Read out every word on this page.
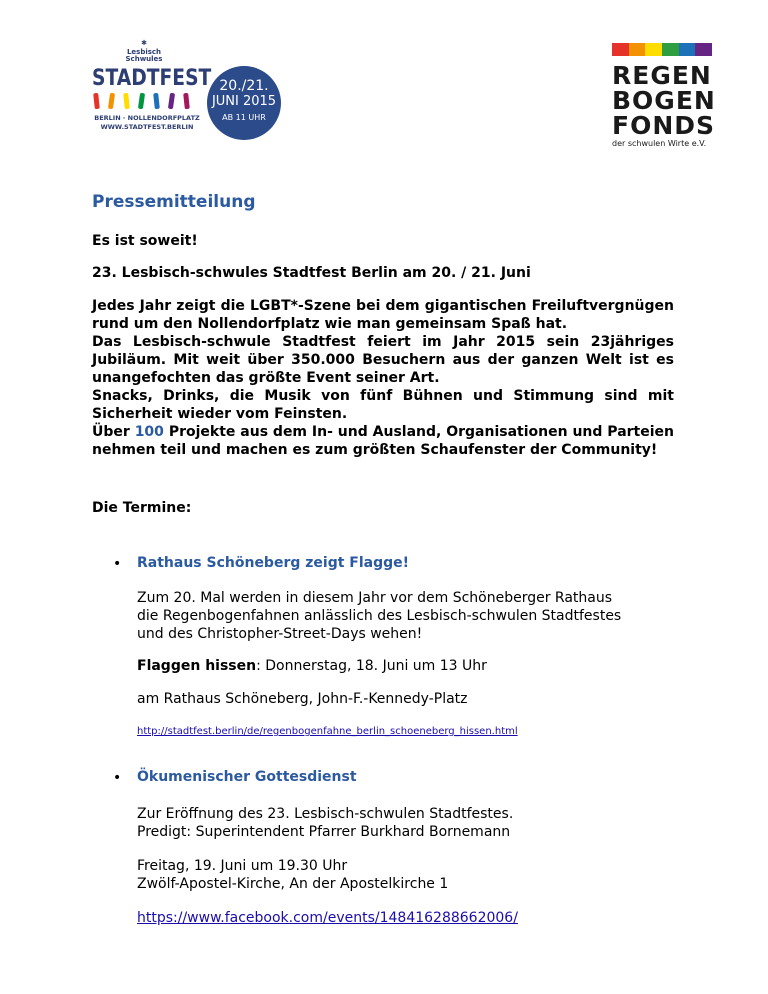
✱
Lesbisch
Schwules
STADTFEST
BERLIN · NOLLENDORFPLATZ
WWW.STADTFEST.BERLIN
20./21.
JUNI 2015
AB 11 UHR
REGEN
BOGEN
FONDS
der schwulen Wirte e.V.
Pressemitteilung
Es ist soweit!
23. Lesbisch-schwules Stadtfest Berlin am 20. / 21. Juni

Jedes Jahr zeigt die LGBT*-Szene bei dem gigantischen Freiluftvergnügen rund um den Nollendorfplatz wie man gemeinsam Spaß hat.

Das Lesbisch-schwule Stadtfest feiert im Jahr 2015 sein 23jähriges Jubiläum. Mit weit über 350.000 Besuchern aus der ganzen Welt ist es unangefochten das größte Event seiner Art.

Snacks, Drinks, die Musik von fünf Bühnen und Stimmung sind mit Sicherheit wieder vom Feinsten.

Über 100 Projekte aus dem In- und Ausland, Organisationen und Parteien nehmen teil und machen es zum größten Schaufenster der Community!

Die Termine:
• Rathaus Schöneberg zeigt Flagge!
Zum 20. Mal werden in diesem Jahr vor dem Schöneberger Rathaus
die Regenbogenfahnen anlässlich des Lesbisch-schwulen Stadtfestes
und des Christopher-Street-Days wehen!
Flaggen hissen: Donnerstag, 18. Juni um 13 Uhr
am Rathaus Schöneberg, John-F.-Kennedy-Platz
http://stadtfest.berlin/de/regenbogenfahne_berlin_schoeneberg_hissen.html
• Ökumenischer Gottesdienst
Zur Eröffnung des 23. Lesbisch-schwulen Stadtfestes.
Predigt: Superintendent Pfarrer Burkhard Bornemann
Freitag, 19. Juni um 19.30 Uhr
Zwölf-Apostel-Kirche, An der Apostelkirche 1
https://www.facebook.com/events/148416288662006/
